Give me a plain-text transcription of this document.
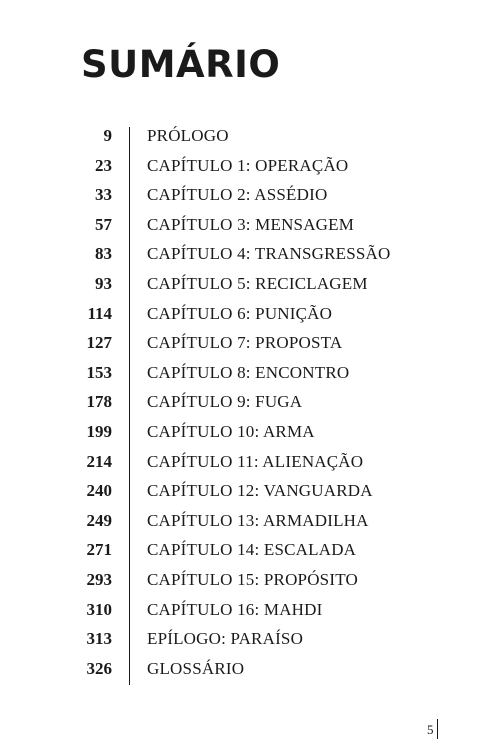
SUMÁRIO
9 PRÓLOGO
23 CAPÍTULO 1: OPERAÇÃO
33 CAPÍTULO 2: ASSÉDIO
57 CAPÍTULO 3: MENSAGEM
83 CAPÍTULO 4: TRANSGRESSÃO
93 CAPÍTULO 5: RECICLAGEM
114 CAPÍTULO 6: PUNIÇÃO
127 CAPÍTULO 7: PROPOSTA
153 CAPÍTULO 8: ENCONTRO
178 CAPÍTULO 9: FUGA
199 CAPÍTULO 10: ARMA
214 CAPÍTULO 11: ALIENAÇÃO
240 CAPÍTULO 12: VANGUARDA
249 CAPÍTULO 13: ARMADILHA
271 CAPÍTULO 14: ESCALADA
293 CAPÍTULO 15: PROPÓSITO
310 CAPÍTULO 16: MAHDI
313 EPÍLOGO: PARAÍSO
326 GLOSSÁRIO
5
